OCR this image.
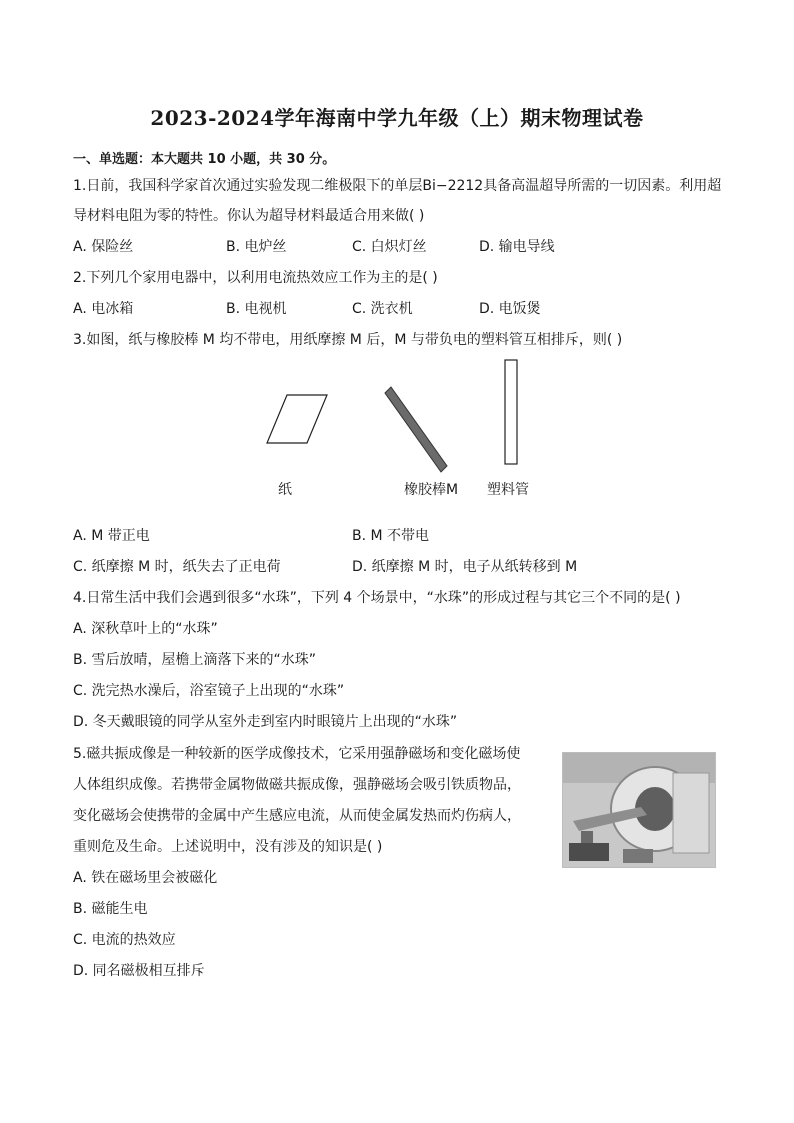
2023-2024学年海南中学九年级（上）期末物理试卷
一、单选题：本大题共 10 小题，共 30 分。
1.日前，我国科学家首次通过实验发现二维极限下的单层Bi−2212具备高温超导所需的一切因素。利用超
导材料电阻为零的特性。你认为超导材料最适合用来做( )
A. 保险丝	B. 电炉丝	C. 白炽灯丝	D. 输电导线
2.下列几个家用电器中，以利用电流热效应工作为主的是( )
A. 电冰箱	B. 电视机	C. 洗衣机	D. 电饭煲
3.如图，纸与橡胶棒 M 均不带电，用纸摩擦 M 后，M 与带负电的塑料管互相排斥，则( )
纸	橡胶棒M 塑料管
A. M 带正电	B. M 不带电
C. 纸摩擦 M 时，纸失去了正电荷	D. 纸摩擦 M 时，电子从纸转移到 M
4.日常生活中我们会遇到很多“水珠”，下列 4 个场景中，“水珠”的形成过程与其它三个不同的是( )
A. 深秋草叶上的“水珠”
B. 雪后放晴，屋檐上滴落下来的“水珠”
C. 洗完热水澡后，浴室镜子上出现的“水珠”
D. 冬天戴眼镜的同学从室外走到室内时眼镜片上出现的“水珠”
5.磁共振成像是一种较新的医学成像技术，它采用强静磁场和变化磁场使
人体组织成像。若携带金属物做磁共振成像，强静磁场会吸引铁质物品，
变化磁场会使携带的金属中产生感应电流，从而使金属发热而灼伤病人，
重则危及生命。上述说明中，没有涉及的知识是( )
A. 铁在磁场里会被磁化
B. 磁能生电
C. 电流的热效应
D. 同名磁极相互排斥
